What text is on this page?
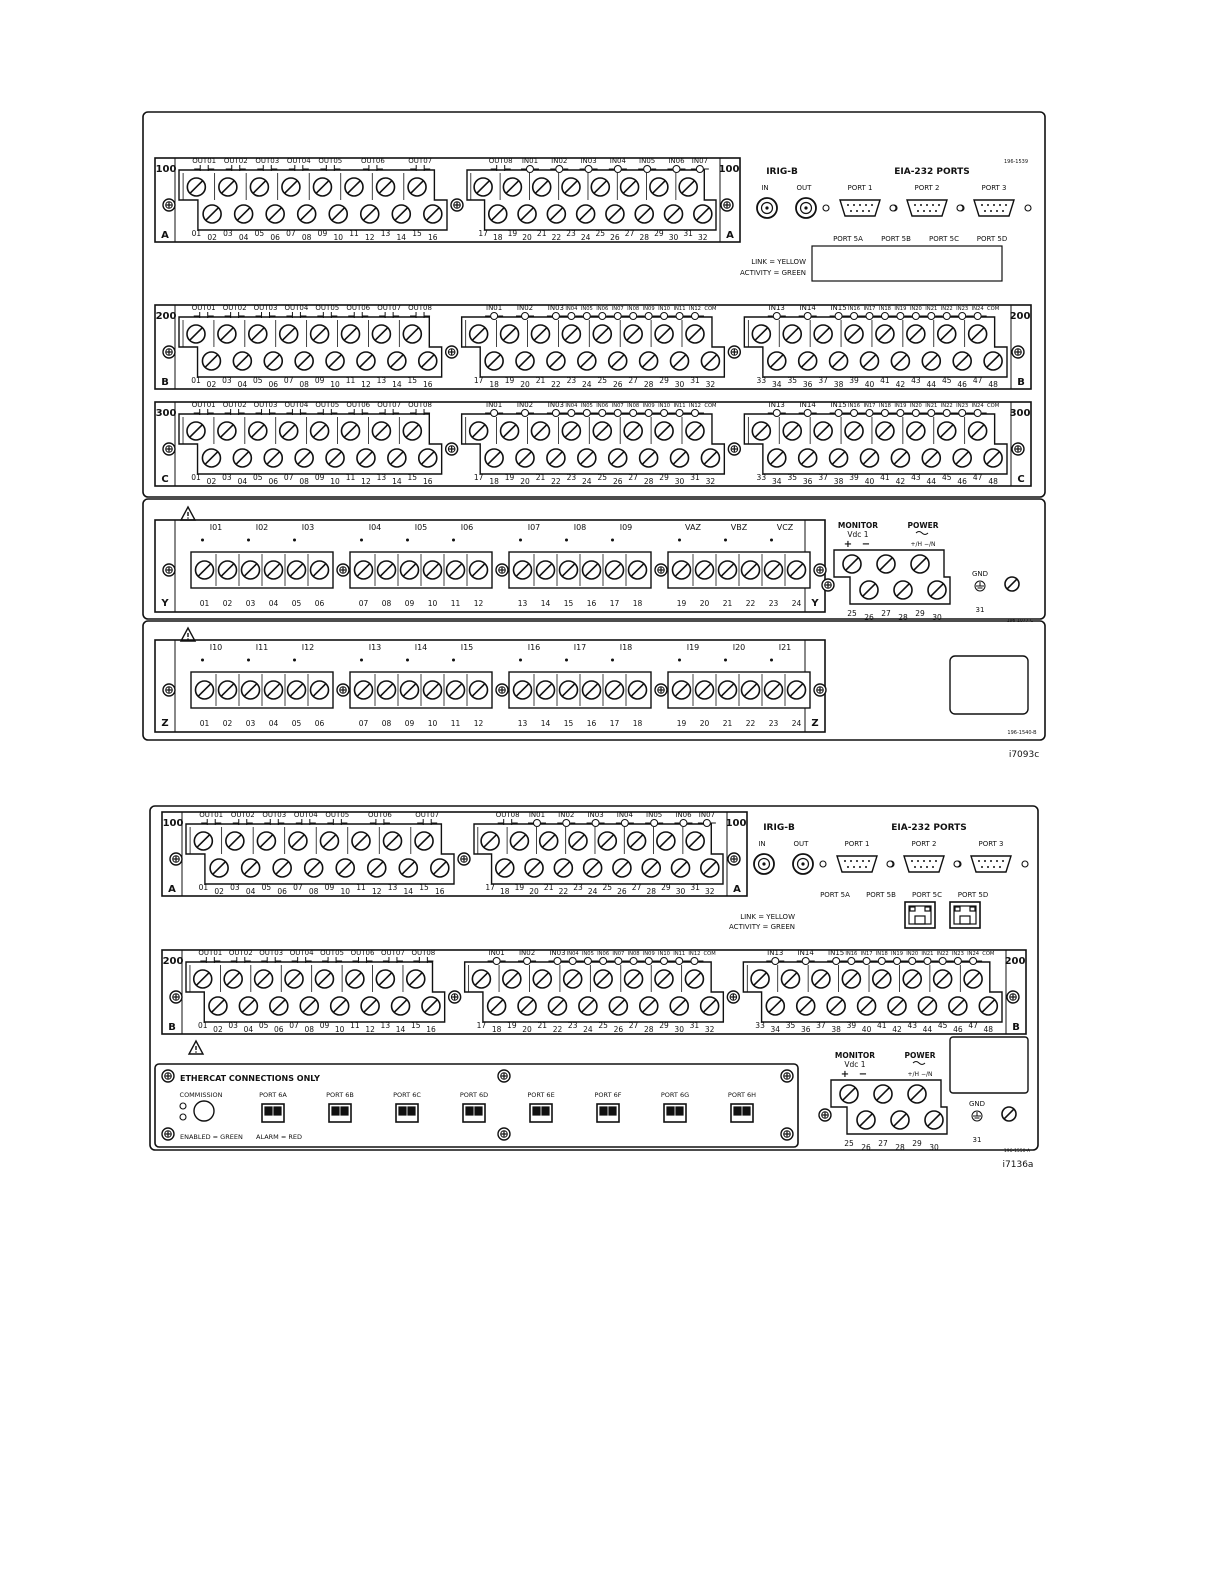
196-1539
100	100
A	A
OUT01 OUT02 OUT03 OUT04 OUT05	OUT06	OUT07	OUT08 IN01 IN02 IN03 IN04 IN05 IN06 IN07
01 02 03 04 05 06 07 08 09 10 11 12 13 14 15 16	17 18 19 20 21 22 23 24 25 26 27 28 29 30 31 32
IRIG-B
IN	OUT
EIA-232 PORTS
PORT 1	PORT 2	PORT 3
PORT 5A	PORT 5B	PORT 5C	PORT 5D
LINK = YELLOW
ACTIVITY = GREEN
200	200
B	B
OUT01 OUT02 OUT03 OUT04 OUT05 OUT06 OUT07 OUT08	IN01 IN02 IN03 IN04 IN05 IN06 IN07 IN08 IN09 IN10 IN11 IN12 COM	IN13 IN14 IN15 IN16 IN17 IN18 IN19 IN20 IN21 IN22 IN23 IN24 COM
01 02 03 04 05 06 07 08 09 10 11 12 13 14 15 16	17 18 19 20 21 22 23 24 25 26 27 28 29 30 31 32	33 34 35 36 37 38 39 40 41 42 43 44 45 46 47 48
300	300
C	C
OUT01 OUT02 OUT03 OUT04 OUT05 OUT06 OUT07 OUT08	IN01 IN02 IN03 IN04 IN05 IN06 IN07 IN08 IN09 IN10 IN11 IN12 COM	IN13 IN14 IN15 IN16 IN17 IN18 IN19 IN20 IN21 IN22 IN23 IN24 COM
01 02 03 04 05 06 07 08 09 10 11 12 13 14 15 16	17 18 19 20 21 22 23 24 25 26 27 28 29 30 31 32	33 34 35 36 37 38 39 40 41 42 43 44 45 46 47 48
Y	Y
I01	I02	I03
01 02 03 04 05 06
I04	I05	I06
07 08 09 10 11 12
I07	I08	I09
13 14 15 16 17 18
VAZ	VBZ	VCZ
19 20 21 22 23 24
MONITOR
Vdc 1
+ −
POWER
+/H −/N
25 26 27 28 29 30
GND
31
196-1077-C
Z	Z
I10	I11	I12
01 02 03 04 05 06
I13	I14	I15
07 08 09 10 11 12
I16	I17	I18
13 14 15 16 17 18
I19	I20	I21
19 20 21 22 23 24
196-1540-B
i7093c
100	100
A	A
OUT01 OUT02 OUT03 OUT04 OUT05	OUT06	OUT07	OUT08 IN01 IN02 IN03 IN04 IN05 IN06 IN07
01 02 03 04 05 06 07 08 09 10 11 12 13 14 15 16	17 18 19 20 21 22 23 24 25 26 27 28 29 30 31 32
IRIG-B
IN	OUT
EIA-232 PORTS
PORT 1	PORT 2	PORT 3
PORT 5A PORT 5B PORT 5C PORT 5D
LINK = YELLOW
ACTIVITY = GREEN
200	200
B	B
OUT01 OUT02 OUT03 OUT04 OUT05 OUT06 OUT07 OUT08	IN01 IN02 IN03 IN04 IN05 IN06 IN07 IN08 IN09 IN10 IN11 IN12 COM	IN13 IN14 IN15 IN16 IN17 IN18 IN19 IN20 IN21 IN22 IN23 IN24 COM
01 02 03 04 05 06 07 08 09 10 11 12 13 14 15 16	17 18 19 20 21 22 23 24 25 26 27 28 29 30 31 32	33 34 35 36 37 38 39 40 41 42 43 44 45 46 47 48
ETHERCAT CONNECTIONS ONLY
COMMISSION
ENABLED = GREEN ALARM = RED
PORT 6A	PORT 6B	PORT 6C	PORT 6D	PORT 6E	PORT 6F	PORT 6G	PORT 6H
MONITOR
Vdc 1
+ −
POWER
+/H −/N
25 26 27 28 29 30
GND
31
196-1550-A
i7136a
